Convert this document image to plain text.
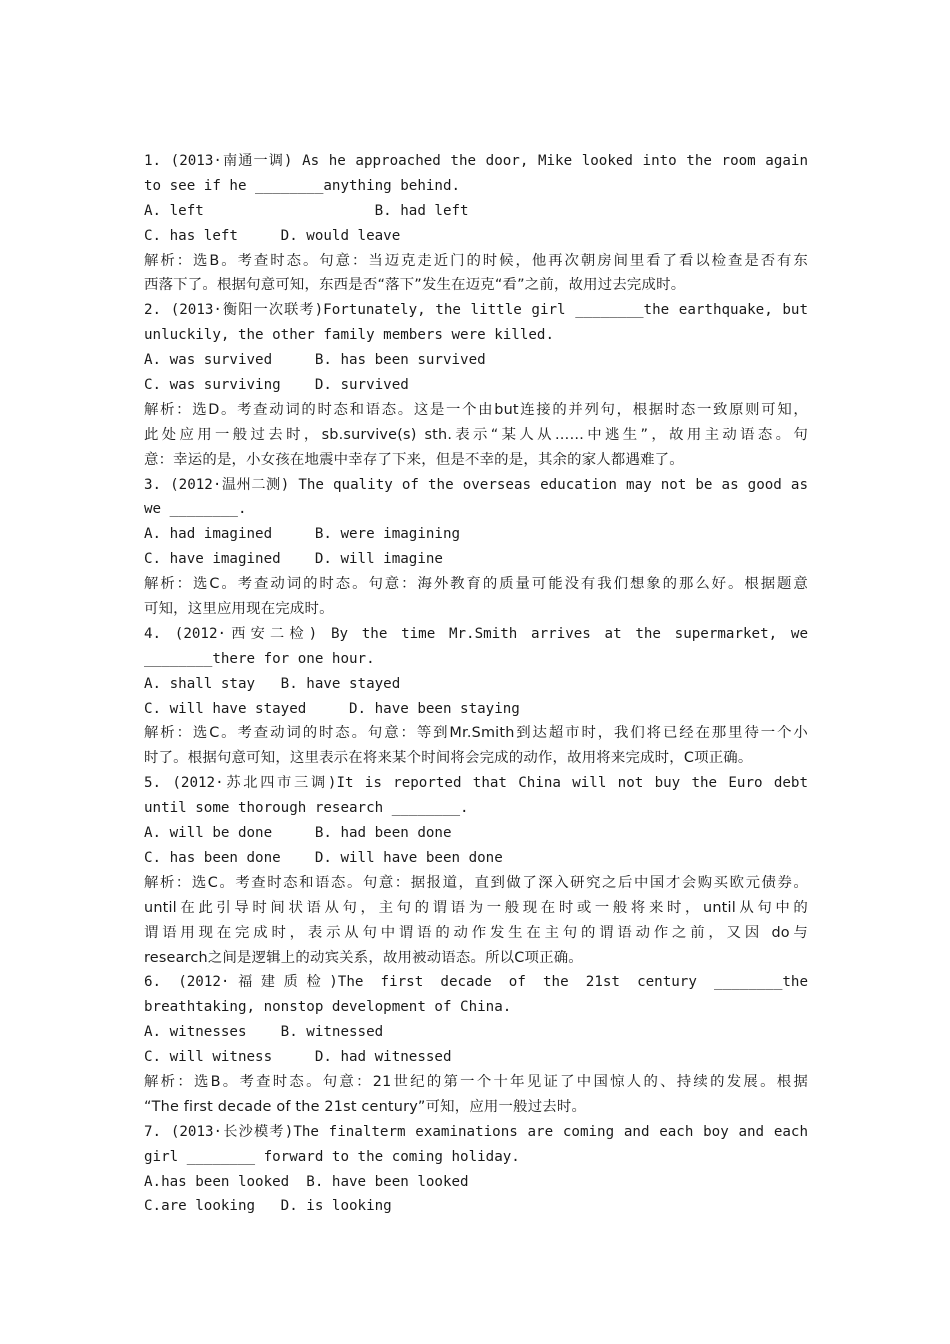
1. (2013·南通一调) As he approached the door, Mike looked into the room again
to see if he ________anything behind.
A. left                    B. had left
C. has left     D. would leave
解析：选B。考查时态。句意：当迈克走近门的时候，他再次朝房间里看了看以检查是否有东
西落下了。根据句意可知，东西是否“落下”发生在迈克“看”之前，故用过去完成时。
2. (2013·衡阳一次联考)Fortunately, the little girl ________the earthquake, but
unluckily, the other family members were killed.
A. was survived     B. has been survived
C. was surviving    D. survived
解析：选D。考查动词的时态和语态。这是一个由but连接的并列句，根据时态一致原则可知，
此处应用一般过去时，sb.survive(s) sth.表示“某人从……中逃生”，故用主动语态。句
意：幸运的是，小女孩在地震中幸存了下来，但是不幸的是，其余的家人都遇难了。
3. (2012·温州二测) The quality of the overseas education may not be as good as
we ________.
A. had imagined     B. were imagining
C. have imagined    D. will imagine
解析：选C。考查动词的时态。句意：海外教育的质量可能没有我们想象的那么好。根据题意
可知，这里应用现在完成时。
4. (2012·西安二检) By the time Mr.Smith arrives at the supermarket, we
________there for one hour.
A. shall stay   B. have stayed
C. will have stayed     D. have been staying
解析：选C。考查动词的时态。句意：等到Mr.Smith到达超市时，我们将已经在那里待一个小
时了。根据句意可知，这里表示在将来某个时间将会完成的动作，故用将来完成时，C项正确。
5. (2012·苏北四市三调)It is reported that China will not buy the Euro debt
until some thorough research ________.
A. will be done     B. had been done
C. has been done    D. will have been done
解析：选C。考查时态和语态。句意：据报道，直到做了深入研究之后中国才会购买欧元债券。
until在此引导时间状语从句，主句的谓语为一般现在时或一般将来时，until从句中的
谓语用现在完成时，表示从句中谓语的动作发生在主句的谓语动作之前，又因 do与
research之间是逻辑上的动宾关系，故用被动语态。所以C项正确。
6. (2012·福建质检)The first decade of the 21st century ________the
breathtaking, nonstop development of China.
A. witnesses    B. witnessed
C. will witness     D. had witnessed
解析：选B。考查时态。句意：21世纪的第一个十年见证了中国惊人的、持续的发展。根据
“The first decade of the 21st century”可知，应用一般过去时。
7. (2013·长沙模考)The finalterm examinations are coming and each boy and each
girl ________ forward to the coming holiday.
A.has been looked  B. have been looked
C.are looking   D. is looking
